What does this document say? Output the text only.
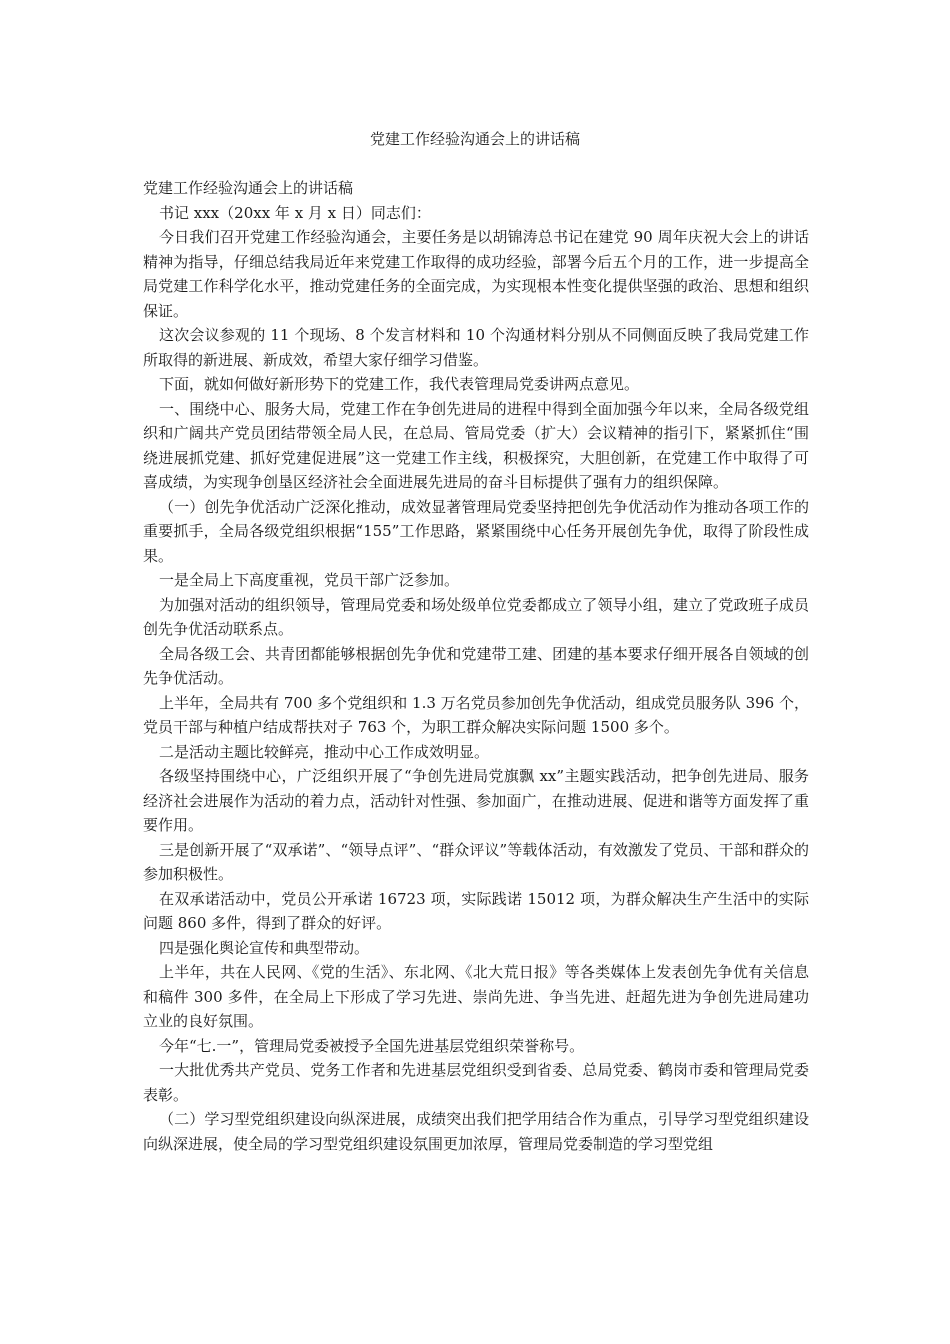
党建工作经验沟通会上的讲话稿

党建工作经验沟通会上的讲话稿

书记 xxx（20xx 年 x 月 x 日）同志们：

今日我们召开党建工作经验沟通会，主要任务是以胡锦涛总书记在建党 90 周年庆祝大会上的讲话精神为指导，仔细总结我局近年来党建工作取得的成功经验，部署今后五个月的工作，进一步提高全局党建工作科学化水平，推动党建任务的全面完成，为实现根本性变化提供坚强的政治、思想和组织保证。

这次会议参观的 11 个现场、8 个发言材料和 10 个沟通材料分别从不同侧面反映了我局党建工作所取得的新进展、新成效，希望大家仔细学习借鉴。

下面，就如何做好新形势下的党建工作，我代表管理局党委讲两点意见。

一、围绕中心、服务大局，党建工作在争创先进局的进程中得到全面加强今年以来，全局各级党组织和广阔共产党员团结带领全局人民，在总局、管局党委（扩大）会议精神的指引下，紧紧抓住“围绕进展抓党建、抓好党建促进展”这一党建工作主线，积极探究，大胆创新，在党建工作中取得了可喜成绩，为实现争创垦区经济社会全面进展先进局的奋斗目标提供了强有力的组织保障。

（一）创先争优活动广泛深化推动，成效显著管理局党委坚持把创先争优活动作为推动各项工作的重要抓手，全局各级党组织根据“155”工作思路，紧紧围绕中心任务开展创先争优，取得了阶段性成果。

一是全局上下高度重视，党员干部广泛参加。

为加强对活动的组织领导，管理局党委和场处级单位党委都成立了领导小组，建立了党政班子成员创先争优活动联系点。

全局各级工会、共青团都能够根据创先争优和党建带工建、团建的基本要求仔细开展各自领域的创先争优活动。

上半年，全局共有 700 多个党组织和 1.3 万名党员参加创先争优活动，组成党员服务队 396 个，党员干部与种植户结成帮扶对子 763 个，为职工群众解决实际问题 1500 多个。

二是活动主题比较鲜亮，推动中心工作成效明显。

各级坚持围绕中心，广泛组织开展了“争创先进局党旗飘 xx”主题实践活动，把争创先进局、服务经济社会进展作为活动的着力点，活动针对性强、参加面广，在推动进展、促进和谐等方面发挥了重要作用。

三是创新开展了“双承诺”、“领导点评”、“群众评议”等载体活动，有效激发了党员、干部和群众的参加积极性。

在双承诺活动中，党员公开承诺 16723 项，实际践诺 15012 项，为群众解决生产生活中的实际问题 860 多件，得到了群众的好评。

四是强化舆论宣传和典型带动。

上半年，共在人民网、《党的生活》、东北网、《北大荒日报》等各类媒体上发表创先争优有关信息和稿件 300 多件，在全局上下形成了学习先进、崇尚先进、争当先进、赶超先进为争创先进局建功立业的良好氛围。

今年“七.一”，管理局党委被授予全国先进基层党组织荣誉称号。

一大批优秀共产党员、党务工作者和先进基层党组织受到省委、总局党委、鹤岗市委和管理局党委表彰。

（二）学习型党组织建设向纵深进展，成绩突出我们把学用结合作为重点，引导学习型党组织建设向纵深进展，使全局的学习型党组织建设氛围更加浓厚，管理局党委制造的学习型党组
